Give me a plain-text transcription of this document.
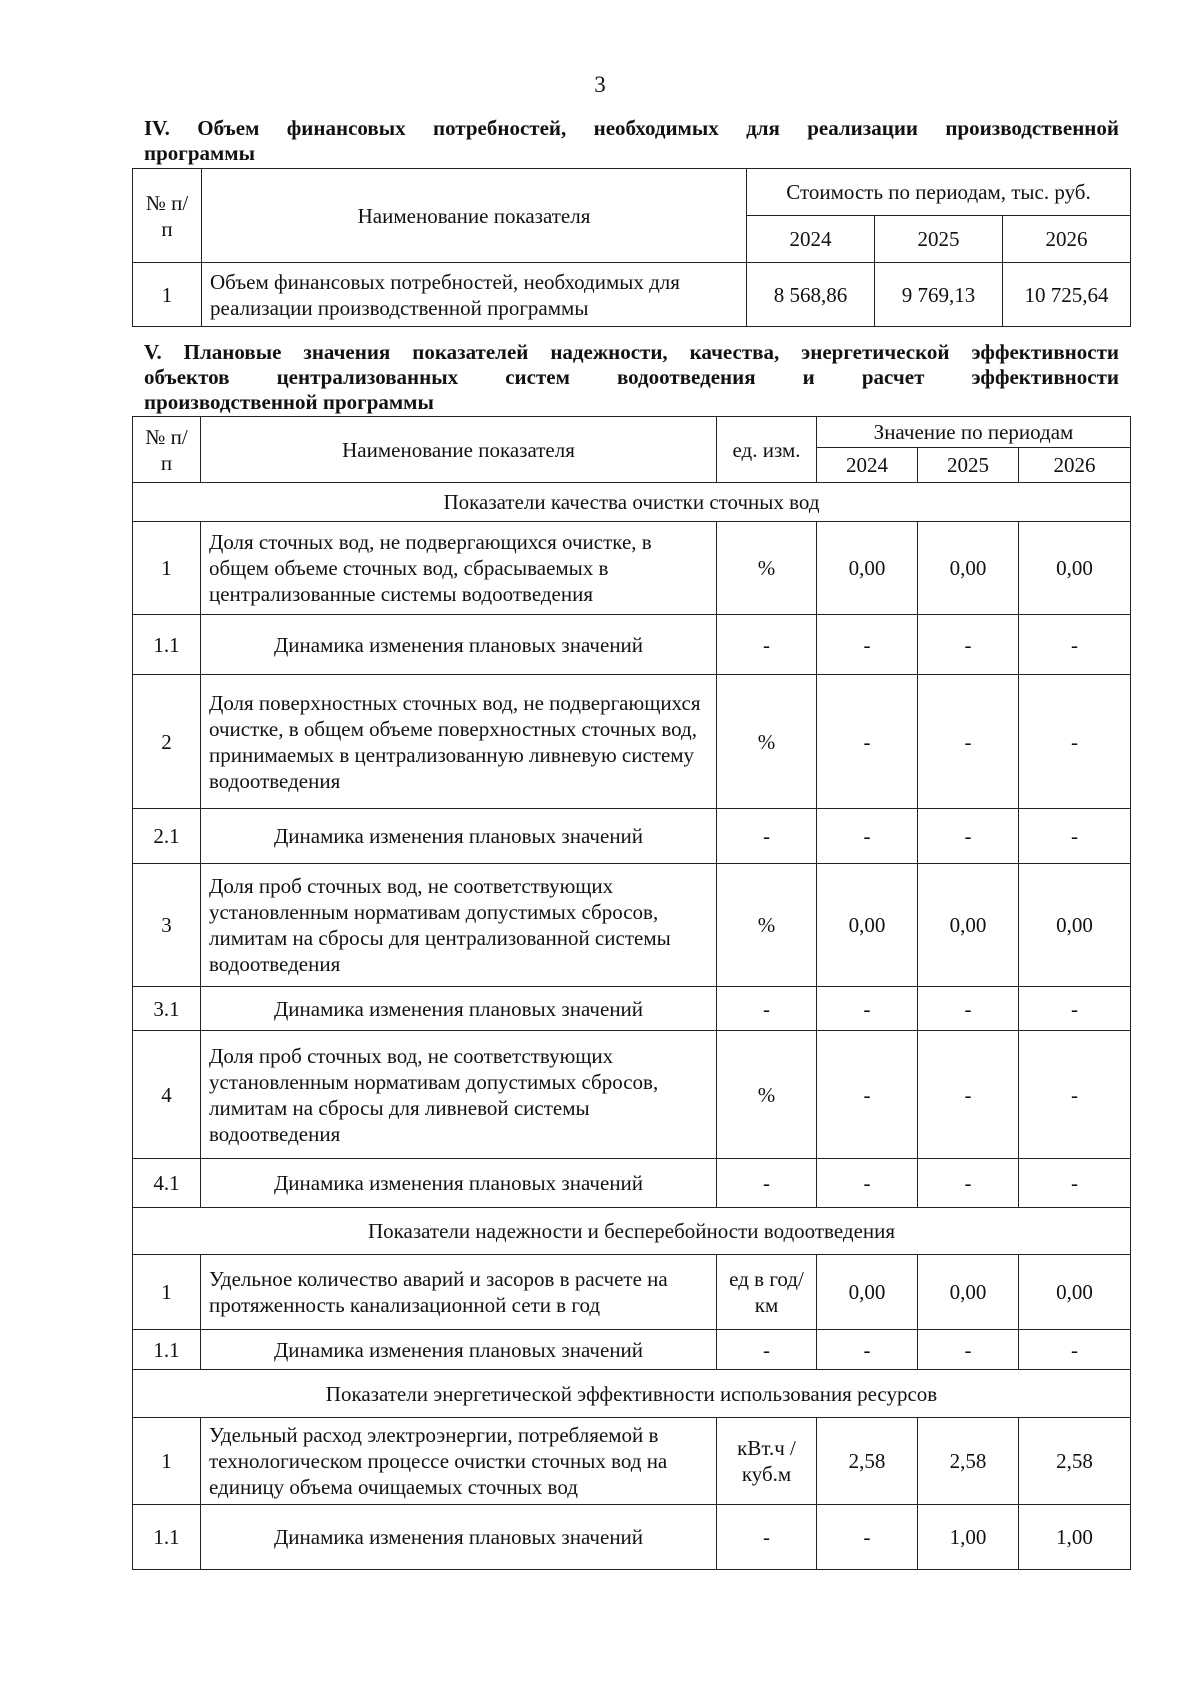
3
IV. Объем финансовых потребностей, необходимых для реализации производственной
программы
№ п/п	Наименование показателя	Стоимость по периодам, тыс. руб.		
		2024	2025	2026
1	Объем финансовых потребностей, необходимых для реализации производственной программы	8 568,86	9 769,13	10 725,64
V. Плановые значения показателей надежности, качества, энергетической эффективности
объектов централизованных систем водоотведения и расчет эффективности
производственной программы
№ п/п	Наименование показателя	ед. изм.	Значение по периодам		
			2024	2025	2026
Показатели качества очистки сточных вод					
1	Доля сточных вод, не подвергающихся очистке, в общем объеме сточных вод, сбрасываемых в централизованные системы водоотведения	%	0,00	0,00	0,00
1.1	Динамика изменения плановых значений	-	-	-	-
2	Доля поверхностных сточных вод, не подвергающихся очистке, в общем объеме поверхностных сточных вод, принимаемых в централизованную ливневую систему водоотведения	%	-	-	-
2.1	Динамика изменения плановых значений	-	-	-	-
3	Доля проб сточных вод, не соответствующих установленным нормативам допустимых сбросов, лимитам на сбросы для централизованной системы водоотведения	%	0,00	0,00	0,00
3.1	Динамика изменения плановых значений	-	-	-	-
4	Доля проб сточных вод, не соответствующих установленным нормативам допустимых сбросов, лимитам на сбросы для ливневой системы водоотведения	%	-	-	-
4.1	Динамика изменения плановых значений	-	-	-	-
Показатели надежности и бесперебойности водоотведения					
1	Удельное количество аварий и засоров в расчете на протяженность канализационной сети в год	ед в год/ км	0,00	0,00	0,00
1.1	Динамика изменения плановых значений	-	-	-	-
Показатели энергетической эффективности использования ресурсов					
1	Удельный расход электроэнергии, потребляемой в технологическом процессе очистки сточных вод на единицу объема очищаемых сточных вод	кВт.ч / куб.м	2,58	2,58	2,58
1.1	Динамика изменения плановых значений	-	-	1,00	1,00
